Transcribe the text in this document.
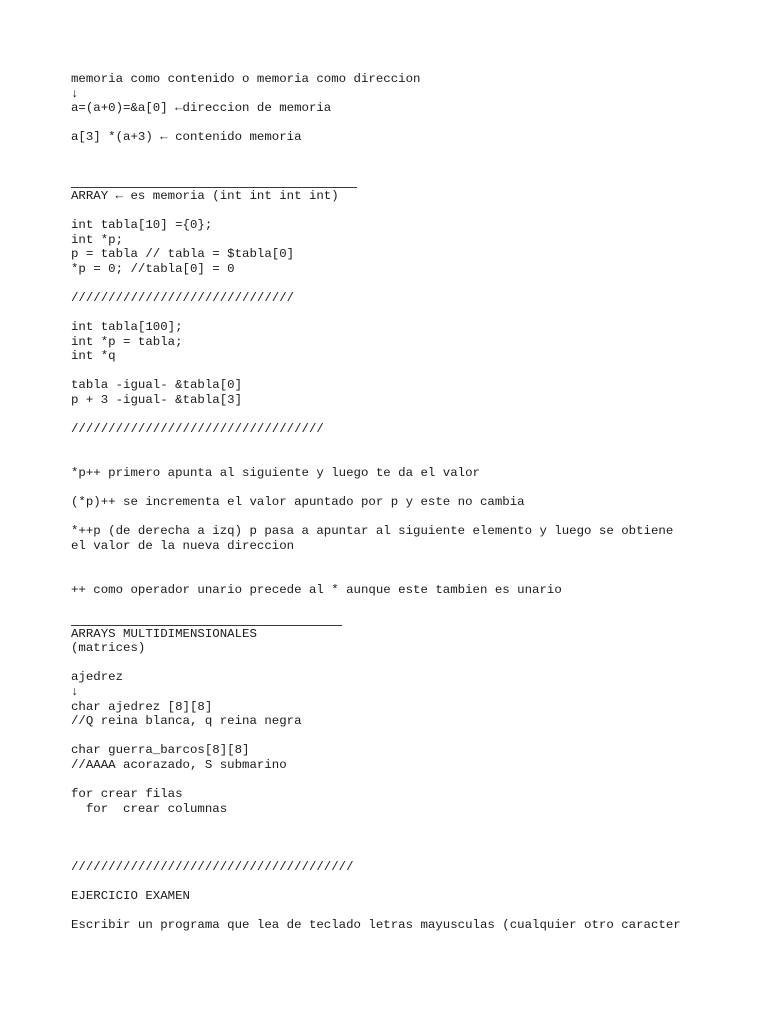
memoria como contenido o memoria como direccion
↓
a=(a+0)=&a[0] ←direccion de memoria
a[3] *(a+3) ← contenido memoria
ARRAY ← es memoria (int int int int)
int tabla[10] ={0};
int *p;
p = tabla // tabla = $tabla[0]
*p = 0; //tabla[0] = 0
//////////////////////////////
int tabla[100];
int *p = tabla;
int *q
tabla -igual- &tabla[0]
p + 3 -igual- &tabla[3]
//////////////////////////////////
*p++ primero apunta al siguiente y luego te da el valor
(*p)++ se incrementa el valor apuntado por p y este no cambia
*++p (de derecha a izq) p pasa a apuntar al siguiente elemento y luego se obtiene
el valor de la nueva direccion
++ como operador unario precede al * aunque este tambien es unario
ARRAYS MULTIDIMENSIONALES
(matrices)
ajedrez
↓
char ajedrez [8][8]
//Q reina blanca, q reina negra
char guerra_barcos[8][8]
//AAAA acorazado, S submarino
for crear filas
for  crear columnas
//////////////////////////////////////
EJERCICIO EXAMEN
Escribir un programa que lea de teclado letras mayusculas (cualquier otro caracter
